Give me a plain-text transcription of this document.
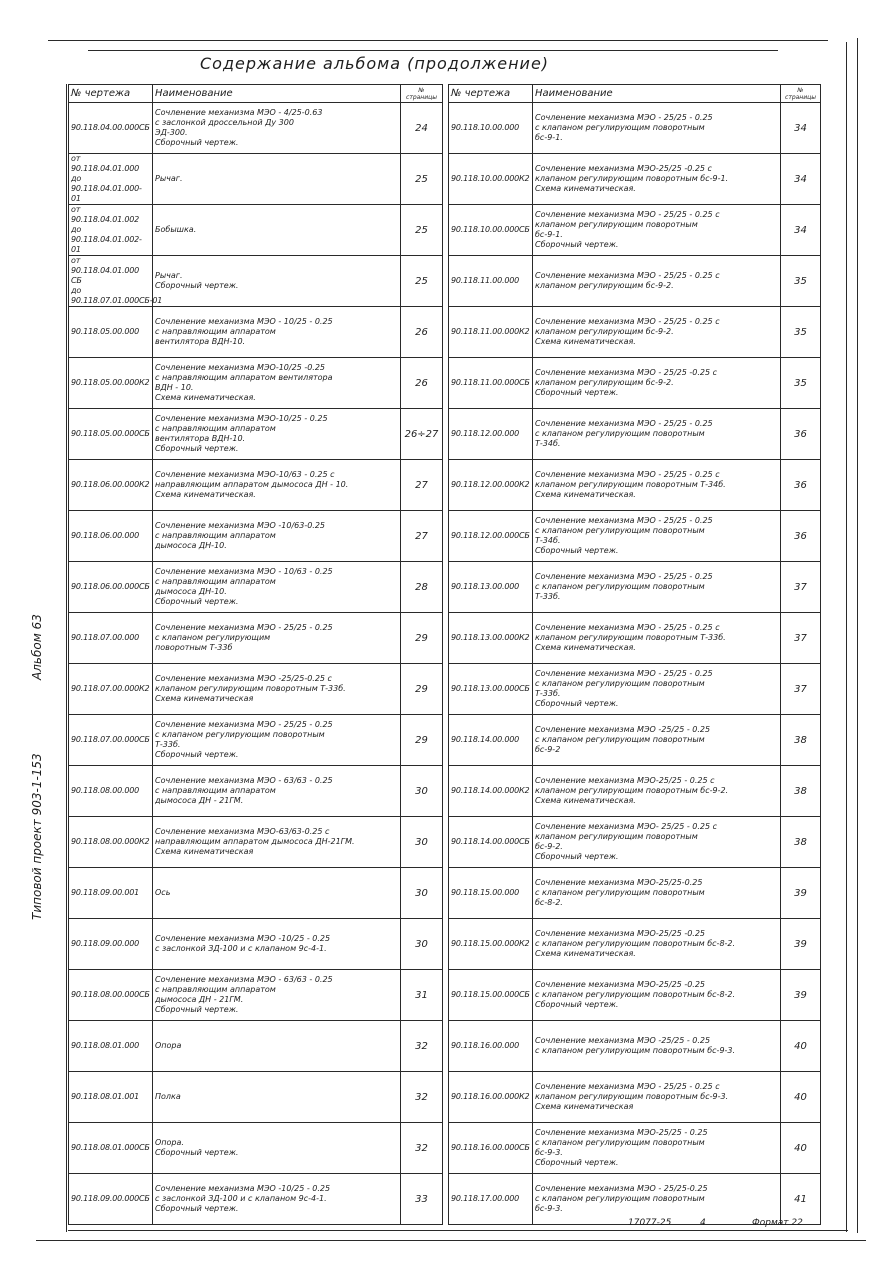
Альбом 63
Типовой проект 903-1-153
Содержание альбома (продолжение)
№ чертежа	Наименование	№ страницы
90.118.04.00.000СБ	Сочленение механизма МЭО - 4/25-0.63
с заслонкой дроссельной Ду 300
ЭД-300.
Сборочный чертеж.	24
от
90.118.04.01.000
до
90.118.04.01.000-01	Рычаг.	25
от
90.118.04.01.002
до
90.118.04.01.002-01	Бобышка.	25
от
90.118.04.01.000 СБ
до
90.118.07.01.000СБ-01	Рычаг.
Сборочный чертеж.	25
90.118.05.00.000	Сочленение механизма МЭО - 10/25 - 0.25
с направляющим аппаратом
вентилятора ВДН-10.	26
90.118.05.00.000К2	Сочленение механизма МЭО-10/25 -0.25
с направляющим аппаратом вентилятора
ВДН - 10.
Схема кинематическая.	26
90.118.05.00.000СБ	Сочленение механизма МЭО-10/25 - 0.25
с направляющим аппаратом
вентилятора ВДН-10.
Сборочный чертеж.	26÷27
90.118.06.00.000К2	Сочленение механизма МЭО-10/63 - 0.25 с
направляющим аппаратом дымососа ДН - 10.
Схема кинематическая.	27
90.118.06.00.000	Сочленение механизма МЭО -10/63-0.25
с направляющим аппаратом
дымососа ДН-10.	27
90.118.06.00.000СБ	Сочленение механизма МЭО - 10/63 - 0.25
с направляющим аппаратом
дымососа ДН-10.
Сборочный чертеж.	28
90.118.07.00.000	Сочленение механизма МЭО - 25/25 - 0.25
с клапаном регулирующим
поворотным Т-33б	29
90.118.07.00.000К2	Сочленение механизма МЭО -25/25-0.25 с
клапаном регулирующим поворотным Т-33б.
Схема кинематическая	29
90.118.07.00.000СБ	Сочленение механизма МЭО - 25/25 - 0.25
с клапаном регулирующим поворотным
Т-33б.
Сборочный чертеж.	29
90.118.08.00.000	Сочленение механизма МЭО - 63/63 - 0.25
с направляющим аппаратом
дымососа ДН - 21ГМ.	30
90.118.08.00.000К2	Сочленение механизма МЭО-63/63-0.25 с
направляющим аппаратом дымососа ДН-21ГМ.
Схема кинематическая	30
90.118.09.00.001	Ось	30
90.118.09.00.000	Сочленение механизма МЭО -10/25 - 0.25
с заслонкой ЗД-100 и с клапаном 9с-4-1.	30
90.118.08.00.000СБ	Сочленение механизма МЭО - 63/63 - 0.25
с направляющим аппаратом
дымососа ДН - 21ГМ.
Сборочный чертеж.	31
90.118.08.01.000	Опора	32
90.118.08.01.001	Полка	32
90.118.08.01.000СБ	Опора.
Сборочный чертеж.	32
90.118.09.00.000СБ	Сочленение механизма МЭО -10/25 - 0.25
с заслонкой ЗД-100 и с клапаном 9с-4-1.
Сборочный чертеж.	33
№ чертежа	Наименование	№ страницы
90.118.10.00.000	Сочленение механизма МЭО - 25/25 - 0.25
с клапаном регулирующим поворотным
бс-9-1.	34
90.118.10.00.000К2	Сочленение механизма МЭО-25/25 -0.25 с
клапаном регулирующим поворотным бс-9-1.
Схема кинематическая.	34
90.118.10.00.000СБ	Сочленение механизма МЭО - 25/25 - 0.25 с
клапаном регулирующим поворотным
бс-9-1.
Сборочный чертеж.	34
90.118.11.00.000	Сочленение механизма МЭО - 25/25 - 0.25 с
клапаном регулирующим бс-9-2.	35
90.118.11.00.000К2	Сочленение механизма МЭО - 25/25 - 0.25 с
клапаном регулирующим бс-9-2.
Схема кинематическая.	35
90.118.11.00.000СБ	Сочленение механизма МЭО - 25/25 -0.25 с
клапаном регулирующим бс-9-2.
Сборочный чертеж.	35
90.118.12.00.000	Сочленение механизма МЭО - 25/25 - 0.25
с клапаном регулирующим поворотным
Т-34б.	36
90.118.12.00.000К2	Сочленение механизма МЭО - 25/25 - 0.25 с
клапаном регулирующим поворотным Т-34б.
Схема кинематическая.	36
90.118.12.00.000СБ	Сочленение механизма МЭО - 25/25 - 0.25
с клапаном регулирующим поворотным
Т-34б.
Сборочный чертеж.	36
90.118.13.00.000	Сочленение механизма МЭО - 25/25 - 0.25
с клапаном регулирующим поворотным
Т-33б.	37
90.118.13.00.000К2	Сочленение механизма МЭО - 25/25 - 0.25 с
клапаном регулирующим поворотным Т-33б.
Схема кинематическая.	37
90.118.13.00.000СБ	Сочленение механизма МЭО - 25/25 - 0.25
с клапаном регулирующим поворотным
Т-33б.
Сборочный чертеж.	37
90.118.14.00.000	Сочленение механизма МЭО -25/25 - 0.25
с клапаном регулирующим поворотным
бс-9-2	38
90.118.14.00.000К2	Сочленение механизма МЭО-25/25 - 0.25 с
клапаном регулирующим поворотным бс-9-2.
Схема кинематическая.	38
90.118.14.00.000СБ	Сочленение механизма МЭО- 25/25 - 0.25 с
клапаном регулирующим поворотным
бс-9-2.
Сборочный чертеж.	38
90.118.15.00.000	Сочленение механизма МЭО-25/25-0.25
с клапаном регулирующим поворотным
бс-8-2.	39
90.118.15.00.000К2	Сочленение механизма МЭО-25/25 -0.25
с клапаном регулирующим поворотным бс-8-2.
Схема кинематическая.	39
90.118.15.00.000СБ	Сочленение механизма МЭО-25/25 -0.25
с клапаном регулирующим поворотным бс-8-2.
Сборочный чертеж.	39
90.118.16.00.000	Сочленение механизма МЭО -25/25 - 0.25
с клапаном регулирующим поворотным бс-9-3.	40
90.118.16.00.000К2	Сочленение механизма МЭО - 25/25 - 0.25 с
клапаном регулирующим поворотным бс-9-3.
Схема кинематическая	40
90.118.16.00.000СБ	Сочленение механизма МЭО-25/25 - 0.25
с клапаном регулирующим поворотным
бс-9-3.
Сборочный чертеж.	40
90.118.17.00.000	Сочленение механизма МЭО - 25/25-0.25
с клапаном регулирующим поворотным
бс-9-3.	41
17077-25	4	Формат 22
